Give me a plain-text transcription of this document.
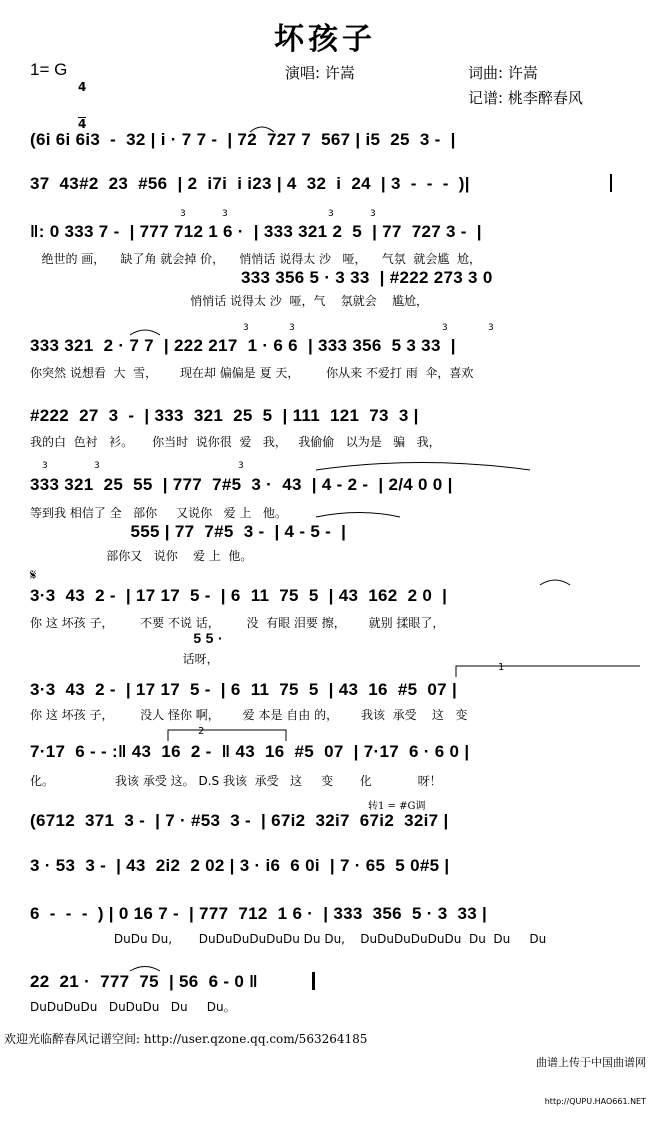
坏孩子
1= G

4

4

演唱: 许嵩	词曲: 许嵩
记谱: 桃李醉春风
(6i 6i 6i3  -  32 | i · 7 7 -  | 72  727 7  567 | i5  25  3 -  |
37  43#2  23  #56  | 2  i7i  i i23 | 4  32  i  24  | 3  -  -  -  )|
‖: 0 333 7 -  | 777 712 1 6 ·  | 333 321 2  5  | 77  727 3 -  |
绝世的 画，    缺了角 就会掉 价，    悄悄话 说得太 沙   哑，    气氛  就会尴  尬，
333 356 5 · 3 33  | #222 273 3 0
悄悄话 说得太 沙  哑，气    氛就会    尴尬，
333 321  2 · 7 7  | 222 217  1 · 6 6  | 333 356  5 3 33  |
你突然 说想看  大  雪，      现在却 偏偏是 夏 天，       你从来 不爱打 雨  伞，喜欢
#222  27  3  -  | 333  321  25  5  | 111  121  73  3 |
我的白  色衬   衫。     你当时  说你很  爱   我，   我偷偷   以为是   骗   我，
333 321  25  55  | 777  7#5  3 ·  43  | 4 - 2 -  | 2/4 0 0 |
等到我 相信了 全   部你     又说你   爱 上   他。
555 | 77  7#5  3 -  | 4 - 5 -  |
部你又   说你    爱 上  他。
𝄋
3·3  43  2 -  | 17 17  5 -  | 6  11  75  5  | 43  162  2 0  |
你 这 坏孩 子，       不要 不说 话，       没  有眼 泪要 擦，      就别 揉眼了，
5 5 ·
话呀，
1
3·3  43  2 -  | 17 17  5 -  | 6  11  75  5  | 43  16  #5  07 |
你 这 坏孩 子，       没人 怪你 啊，      爱 本是 自由 的，      我该  承受    这   变
2
7·17  6 - - :‖ 43  16  2 -  ‖ 43  16  #5  07  | 7·17  6 · 6 0 |
化。                我该 承受 这。 D.S 我该  承受   这     变       化            呀！
转1 = #G调
(6712  371  3 -  | 7 · #53  3 -  | 67i2  32i7  67i2  32i7 |
3 · 53  3 -  | 43  2i2  2 02 | 3 · i6  6 0i  | 7 · 65  5 0#5 |
6  -  -  -  ) | 0 16 7 -  | 777  712  1 6 ·  | 333  356  5 · 3  33 |
DuDu Du,       DuDuDuDuDuDu Du Du,    DuDuDuDuDuDu  Du  Du     Du
22  21 ·  777  75  | 56  6 - 0 ‖
DuDuDuDu   DuDuDu   Du     Du。
3	3	3	3
3	3	3	3
3	3	3
欢迎光临醉春风记谱空间: http://user.qzone.qq.com/563264185

曲谱上传于中国曲谱网

http://QUPU.HAO661.NET
